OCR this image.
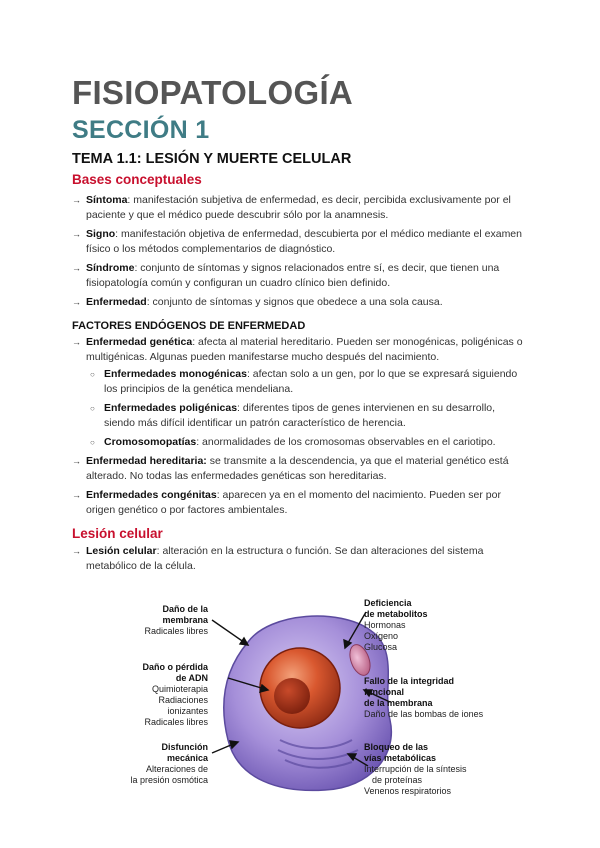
FISIOPATOLOGÍA
SECCIÓN 1
TEMA 1.1: LESIÓN Y MUERTE CELULAR
Bases conceptuales
→ Síntoma: manifestación subjetiva de enfermedad, es decir, percibida exclusivamente por el paciente y que el médico puede descubrir sólo por la anamnesis.
→ Signo: manifestación objetiva de enfermedad, descubierta por el médico mediante el examen físico o los métodos complementarios de diagnóstico.
→ Síndrome: conjunto de síntomas y signos relacionados entre sí, es decir, que tienen una fisiopatología común y configuran un cuadro clínico bien definido.
→ Enfermedad: conjunto de síntomas y signos que obedece a una sola causa.
FACTORES ENDÓGENOS DE ENFERMEDAD
→ Enfermedad genética: afecta al material hereditario. Pueden ser monogénicas, poligénicas o multigénicas. Algunas pueden manifestarse mucho después del nacimiento.
○ Enfermedades monogénicas: afectan solo a un gen, por lo que se expresará siguiendo los principios de la genética mendeliana.
○ Enfermedades poligénicas: diferentes tipos de genes intervienen en su desarrollo, siendo más difícil identificar un patrón característico de herencia.
○ Cromosomopatías: anormalidades de los cromosomas observables en el cariotipo.
→ Enfermedad hereditaria: se transmite a la descendencia, ya que el material genético está alterado. No todas las enfermedades genéticas son hereditarias.
→ Enfermedades congénitas: aparecen ya en el momento del nacimiento. Pueden ser por origen genético o por factores ambientales.
Lesión celular
→ Lesión celular: alteración en la estructura o función. Se dan alteraciones del sistema metabólico de la célula.
Daño de la
membrana
Radicales libres
Daño o pérdida
de ADN
Quimioterapia
Radiaciones ionizantes
Radicales libres
Disfunción
mecánica
Alteraciones de
la presión osmótica
Deficiencia
de metabolitos
Hormonas
Oxígeno
Glucosa
Fallo de la integridad
funcional
de la membrana
Daño de las bombas de iones
Bloqueo de las
vías metabólicas
Interrupción de la síntesis
de proteínas
Venenos respiratorios
